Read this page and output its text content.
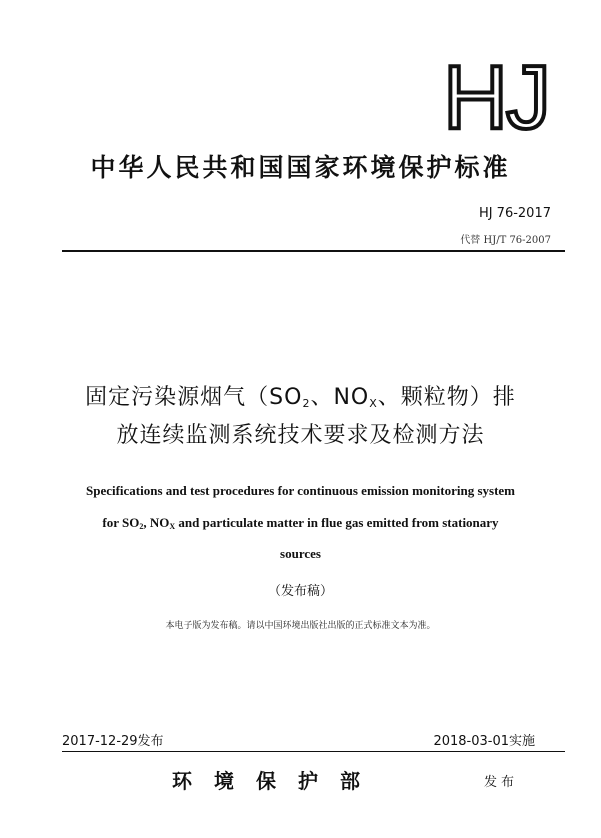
HJ
中华人民共和国国家环境保护标准
HJ 76-2017
代替 HJ/T 76-2007
固定污染源烟气（$SO_2$、$NO_X$、颗粒物）排
放连续监测系统技术要求及检测方法
Specifications and test procedures for continuous emission monitoring system
for $SO_2$, $NO_X$ and particulate matter in flue gas emitted from stationary
sources
（发布稿）
本电子版为发布稿。请以中国环境出版社出版的正式标准文本为准。
2017-12-29发布	2018-03-01实施
环境保护部	发布
